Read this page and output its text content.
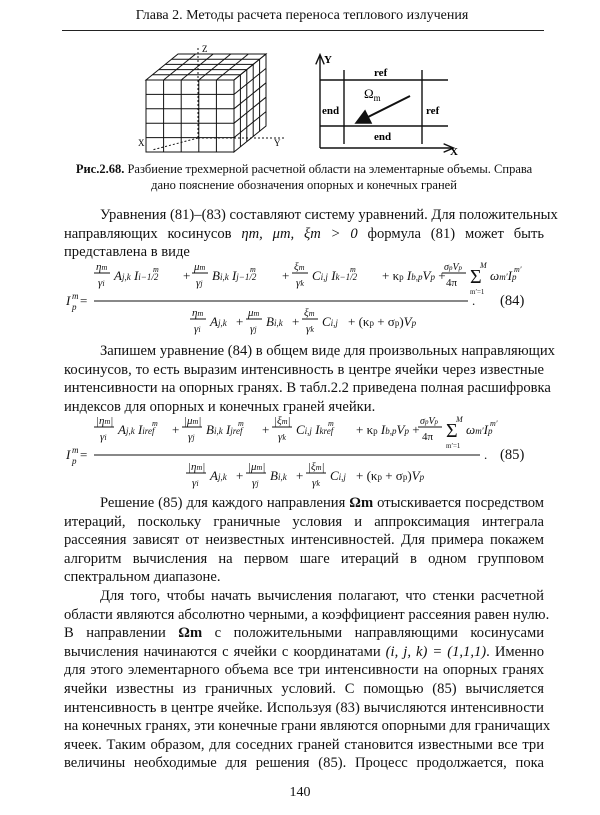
Глава 2. Методы расчета переноса теплового излучения
Z
X	Y
Y
X
ref
ref
end
end
$\Omega_m$
Рис.2.68. Разбиение трехмерной расчетной области на элементарные объемы. Справа
дано пояснение обозначения опорных и конечных граней
Уравнения (81)–(83) составляют систему уравнений. Для положительных
направляющих косинусов ηm, μm, ξm > 0 формула (81) может быть
представлена в виде
I m
p =
ηm
γi
Aj,k Ii−1/2
m +
μm
γj
Bi,k Ij−1/2
m +
ξm
γk
Ci,j Ik−1/2
m + κp Ib,pVp +
σpVp
4π Σ
M
m′=1
ωm′Ip
m′
ηm
γi
Aj,k +
μm
γj
Bi,k +
ξm
γk
Ci,j + (κp + σp)Vp
. (84)
Запишем уравнение (84) в общем виде для произвольных направляющих
косинусов, то есть выразим интенсивность в центре ячейки через известные
интенсивности на опорных гранях. В табл.2.2 приведена полная расшифровка
индексов для опорных и конечных граней ячейки.
I m
p =
|ηm|
γi
Aj,k Iiref
m +
|μm|
γj
Bi,k Ijref
m +
|ξm|
γk
Ci,j Ikref
m + κp Ib,pVp +
σpVp
4π Σ
M
m′=1
ωm′Ip
m′
|ηm|
γi
Aj,k +
|μm|
γj
Bi,k +
|ξm|
γk
Ci,j + (κp + σp)Vp
. (85)
Решение (85) для каждого направления Ωm отыскивается посредством
итераций, поскольку граничные условия и аппроксимация интеграла
рассеяния зависят от неизвестных интенсивностей. Для примера покажем
алгоритм вычисления на первом шаге итераций в одном групповом
спектральном диапазоне.
Для того, чтобы начать вычисления полагают, что стенки расчетной
области являются абсолютно черными, а коэффициент рассеяния равен нулю.
В направлении Ωm с положительными направляющими косинусами
вычисления начинаются с ячейки с координатами (i, j, k) = (1,1,1). Именно
для этого элементарного объема все три интенсивности на опорных гранях
ячейки известны из граничных условий. С помощью (85) вычисляется
интенсивность в центре ячейке. Используя (83) вычисляются интенсивности
на конечных гранях, эти конечные грани являются опорными для граничащих
ячеек. Таким образом, для соседних граней становится известными все три
величины необходимые для решения (85). Процесс продолжается, пока
140
